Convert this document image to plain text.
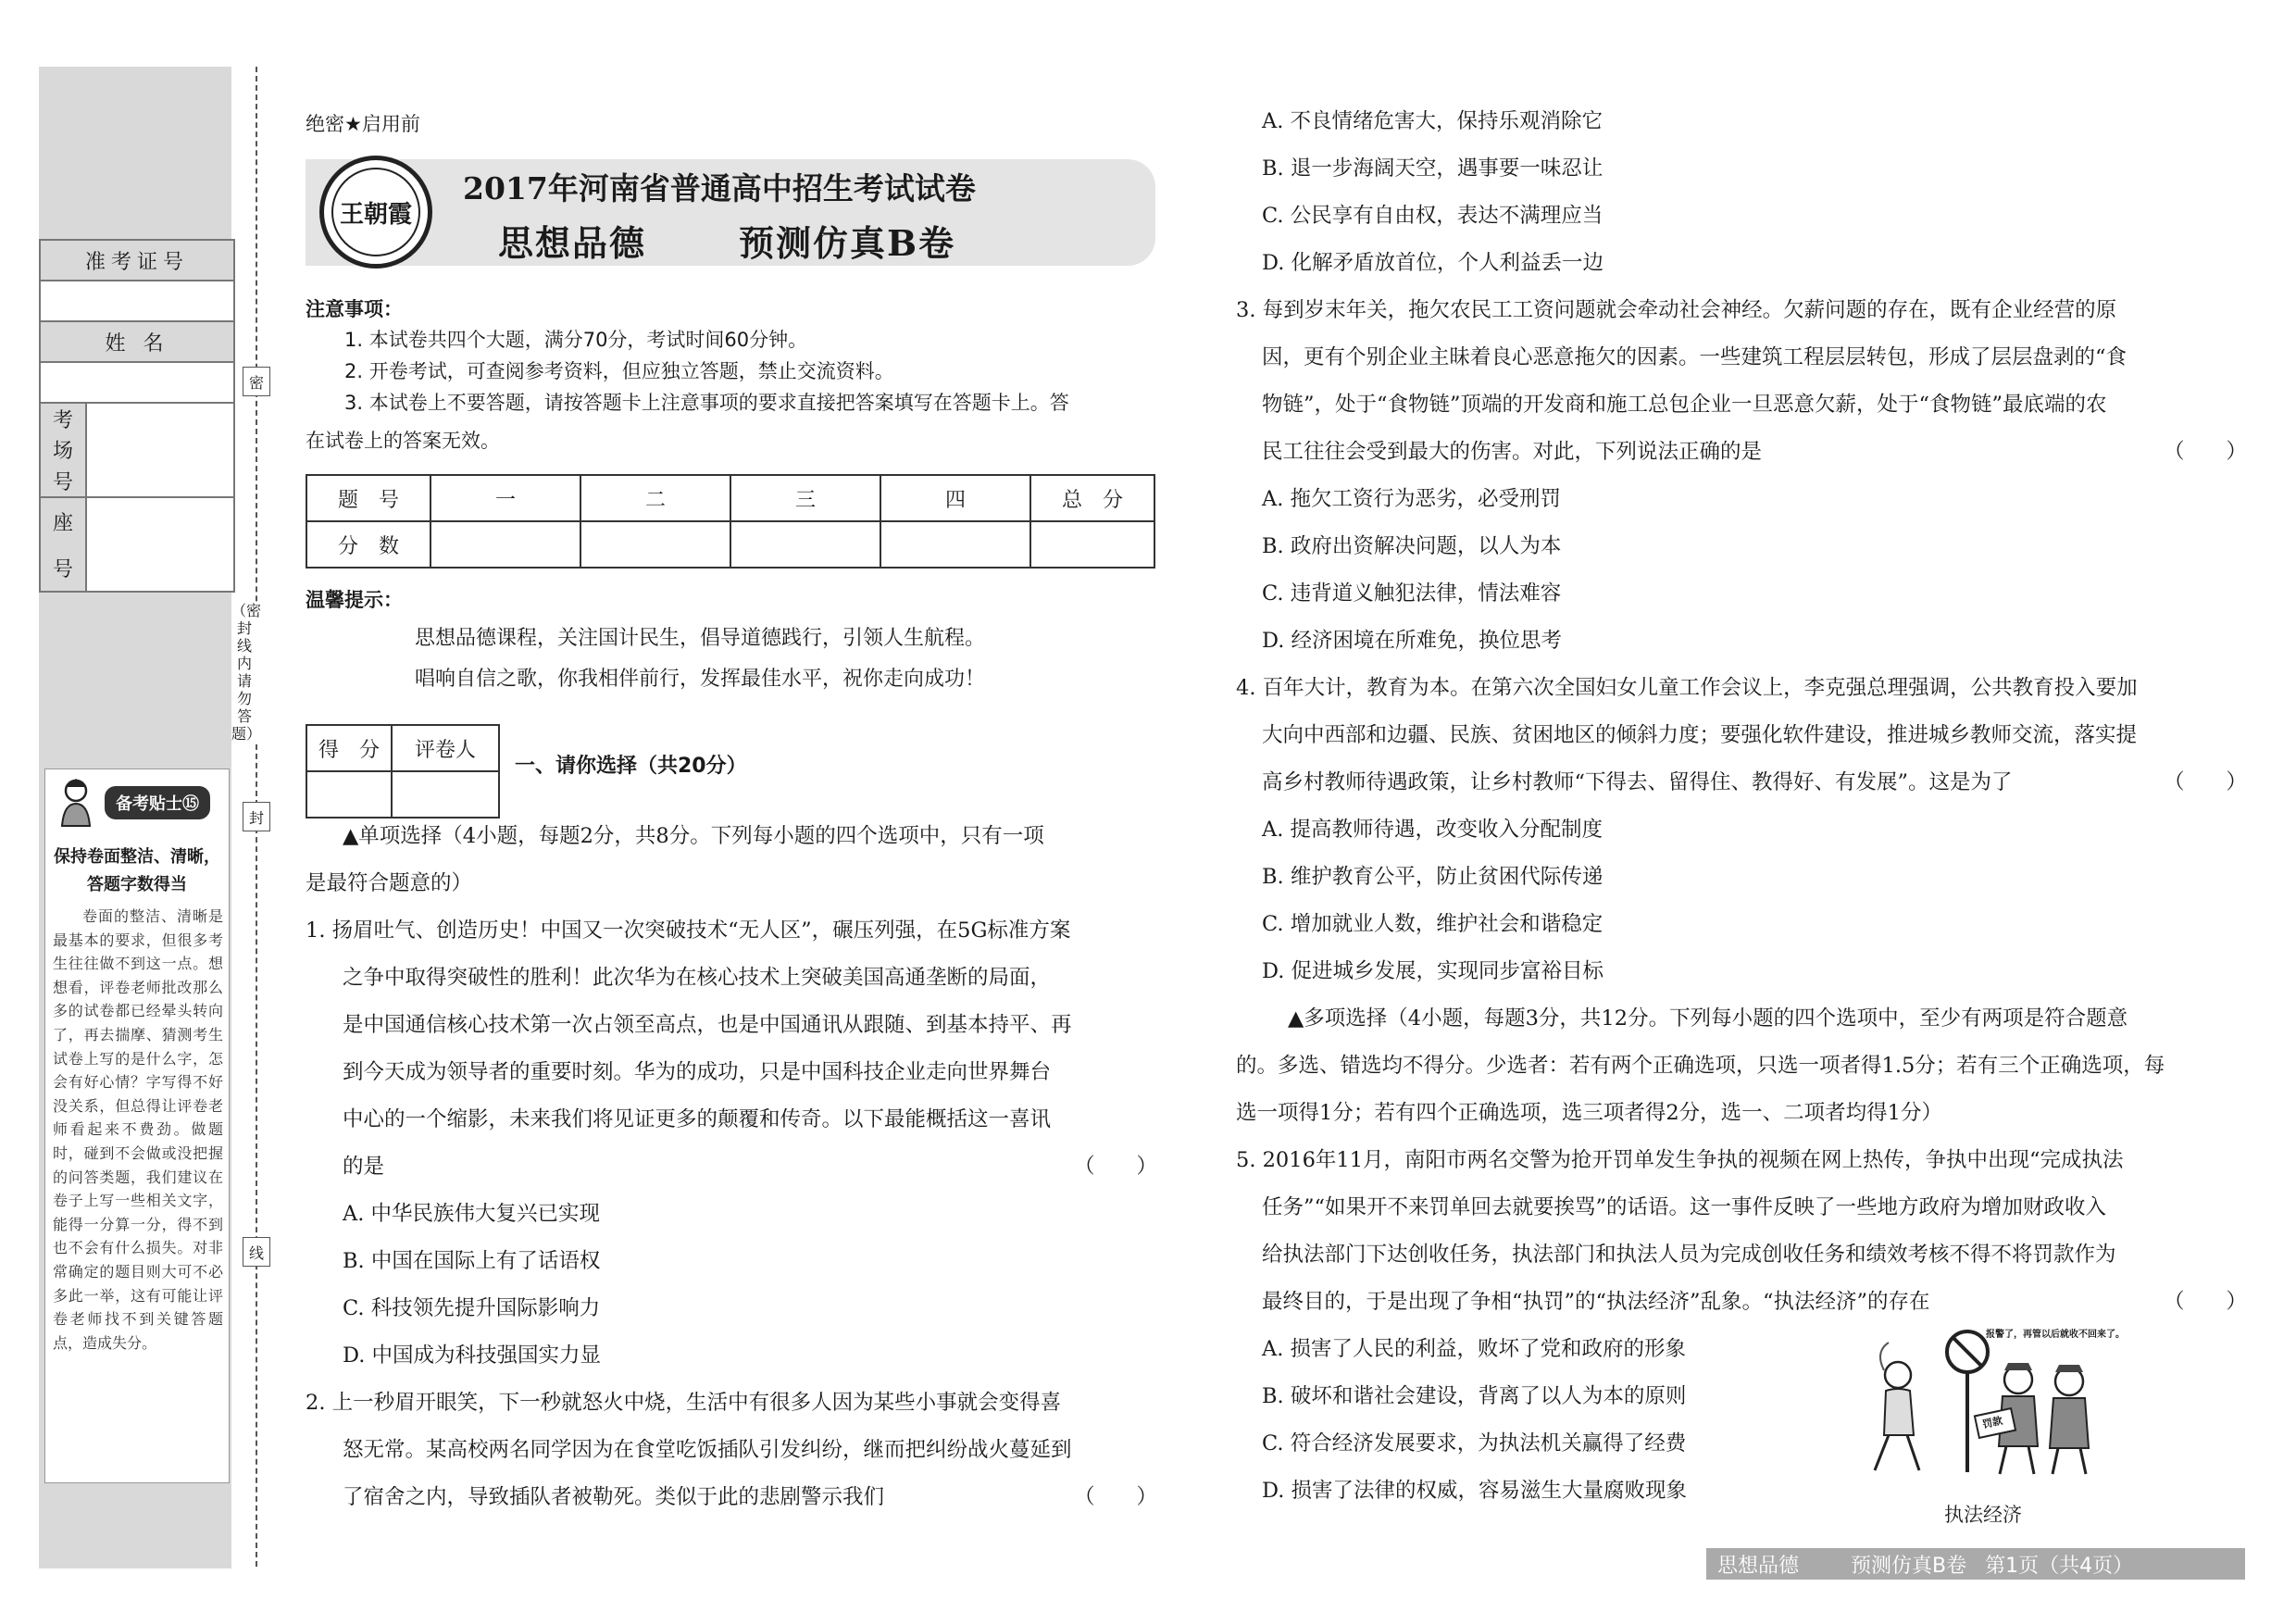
准考证号
姓 名
考
场
号
座
号
备考贴士⑮
保持卷面整洁、清晰，
答题字数得当
卷面的整洁、清晰是最基本的要求，但很多考生往往做不到这一点。想想看，评卷老师批改那么多的试卷都已经晕头转向了，再去揣摩、猜测考生试卷上写的是什么字，怎会有好心情？字写得不好没关系，但总得让评卷老师看起来不费劲。做题时，碰到不会做或没把握的问答类题，我们建议在卷子上写一些相关文字，能得一分算一分，得不到也不会有什么损失。对非常确定的题目则大可不必多此一举，这有可能让评卷老师找不到关键答题点，造成失分。
密
封
线
（密封线内请勿答题）
绝密★启用前
王朝霞
2017年河南省普通高中招生考试试卷
思想品德	预测仿真B卷
注意事项：
1. 本试卷共四个大题，满分70分，考试时间60分钟。
2. 开卷考试，可查阅参考资料，但应独立答题，禁止交流资料。
3. 本试卷上不要答题，请按答题卡上注意事项的要求直接把答案填写在答题卡上。答
在试卷上的答案无效。
题　号	一	二	三	四	总　分
分　数					
温馨提示：
思想品德课程，关注国计民生，倡导道德践行，引领人生航程。
唱响自信之歌，你我相伴前行，发挥最佳水平，祝你走向成功！
得　分	评卷人

一、请你选择（共20分）
▲单项选择（4小题，每题2分，共8分。下列每小题的四个选项中，只有一项
是最符合题意的）
1. 扬眉吐气、创造历史！中国又一次突破技术“无人区”，碾压列强，在5G标准方案
之争中取得突破性的胜利！此次华为在核心技术上突破美国高通垄断的局面，
是中国通信核心技术第一次占领至高点，也是中国通讯从跟随、到基本持平、再
到今天成为领导者的重要时刻。华为的成功，只是中国科技企业走向世界舞台
中心的一个缩影，未来我们将见证更多的颠覆和传奇。以下最能概括这一喜讯
的是	（　　）
A. 中华民族伟大复兴已实现
B. 中国在国际上有了话语权
C. 科技领先提升国际影响力
D. 中国成为科技强国实力显
2. 上一秒眉开眼笑，下一秒就怒火中烧，生活中有很多人因为某些小事就会变得喜
怒无常。某高校两名同学因为在食堂吃饭插队引发纠纷，继而把纠纷战火蔓延到
了宿舍之内，导致插队者被勒死。类似于此的悲剧警示我们	（　　）
A. 不良情绪危害大，保持乐观消除它
B. 退一步海阔天空，遇事要一味忍让
C. 公民享有自由权，表达不满理应当
D. 化解矛盾放首位，个人利益丢一边
3. 每到岁末年关，拖欠农民工工资问题就会牵动社会神经。欠薪问题的存在，既有企业经营的原
因，更有个别企业主昧着良心恶意拖欠的因素。一些建筑工程层层转包，形成了层层盘剥的“食
物链”，处于“食物链”顶端的开发商和施工总包企业一旦恶意欠薪，处于“食物链”最底端的农
民工往往会受到最大的伤害。对此，下列说法正确的是	（　　）
A. 拖欠工资行为恶劣，必受刑罚
B. 政府出资解决问题，以人为本
C. 违背道义触犯法律，情法难容
D. 经济困境在所难免，换位思考
4. 百年大计，教育为本。在第六次全国妇女儿童工作会议上，李克强总理强调，公共教育投入要加
大向中西部和边疆、民族、贫困地区的倾斜力度；要强化软件建设，推进城乡教师交流，落实提
高乡村教师待遇政策，让乡村教师“下得去、留得住、教得好、有发展”。这是为了	（　　）
A. 提高教师待遇，改变收入分配制度
B. 维护教育公平，防止贫困代际传递
C. 增加就业人数，维护社会和谐稳定
D. 促进城乡发展，实现同步富裕目标
▲多项选择（4小题，每题3分，共12分。下列每小题的四个选项中，至少有两项是符合题意
的。多选、错选均不得分。少选者：若有两个正确选项，只选一项者得1.5分；若有三个正确选项，每
选一项得1分；若有四个正确选项，选三项者得2分，选一、二项者均得1分）
5. 2016年11月，南阳市两名交警为抢开罚单发生争执的视频在网上热传，争执中出现“完成执法
任务”“如果开不来罚单回去就要挨骂”的话语。这一事件反映了一些地方政府为增加财政收入
给执法部门下达创收任务，执法部门和执法人员为完成创收任务和绩效考核不得不将罚款作为
最终目的，于是出现了争相“执罚”的“执法经济”乱象。“执法经济”的存在	（　　）
A. 损害了人民的利益，败坏了党和政府的形象
B. 破坏和谐社会建设，背离了以人为本的原则
C. 符合经济发展要求，为执法机关赢得了经费
D. 损害了法律的权威，容易滋生大量腐败现象
报警了，再管以后就收不回来了。
罚款
执法经济
思想品德	预测仿真B卷 第1页（共4页）
